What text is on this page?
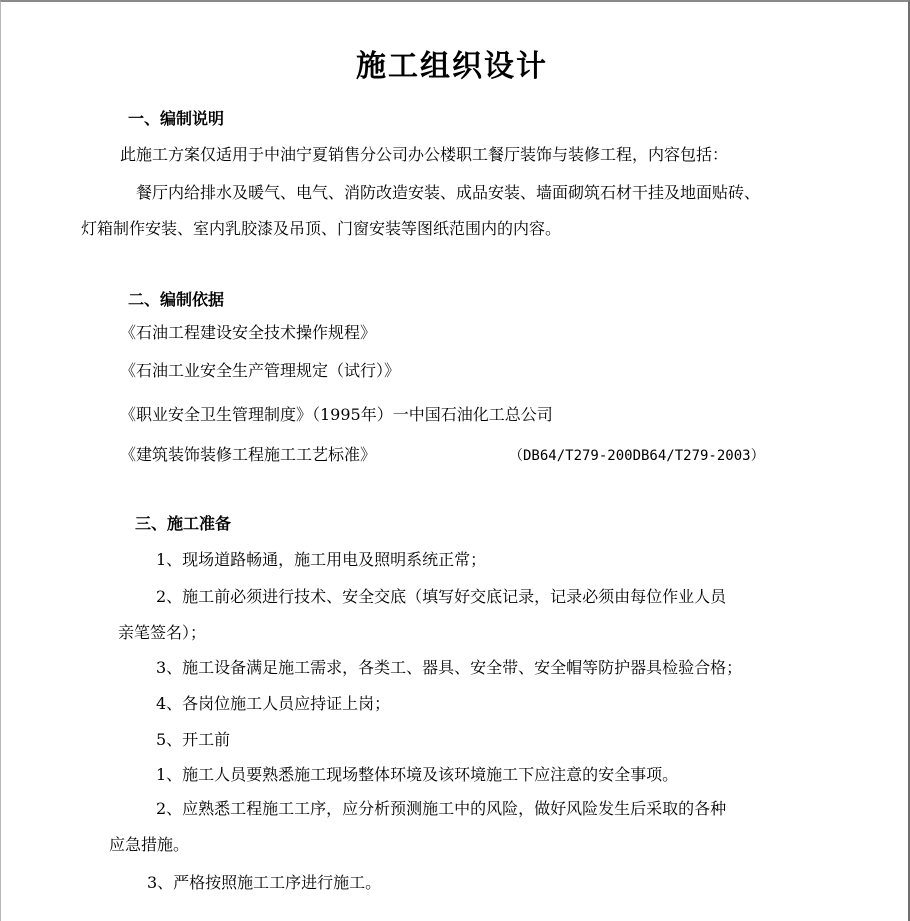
施工组织设计
一、编制说明
此施工方案仅适用于中油宁夏销售分公司办公楼职工餐厅装饰与装修工程，内容包括：
餐厅内给排水及暖气、电气、消防改造安装、成品安装、墙面砌筑石材干挂及地面贴砖、
灯箱制作安装、室内乳胶漆及吊顶、门窗安装等图纸范围内的内容。
二、编制依据
《石油工程建设安全技术操作规程》
《石油工业安全生产管理规定（试行）》
《职业安全卫生管理制度》（1995年）一中国石油化工总公司
《建筑装饰装修工程施工工艺标准》	（DB64/T279-200DB64/T279-2003）
三、施工准备
1、现场道路畅通，施工用电及照明系统正常；
2、施工前必须进行技术、安全交底（填写好交底记录，记录必须由每位作业人员
亲笔签名）；
3、施工设备满足施工需求，各类工、器具、安全带、安全帽等防护器具检验合格；
4、各岗位施工人员应持证上岗；
5、开工前
1、施工人员要熟悉施工现场整体环境及该环境施工下应注意的安全事项。
2、应熟悉工程施工工序，应分析预测施工中的风险，做好风险发生后采取的各种
应急措施。
3、严格按照施工工序进行施工。
